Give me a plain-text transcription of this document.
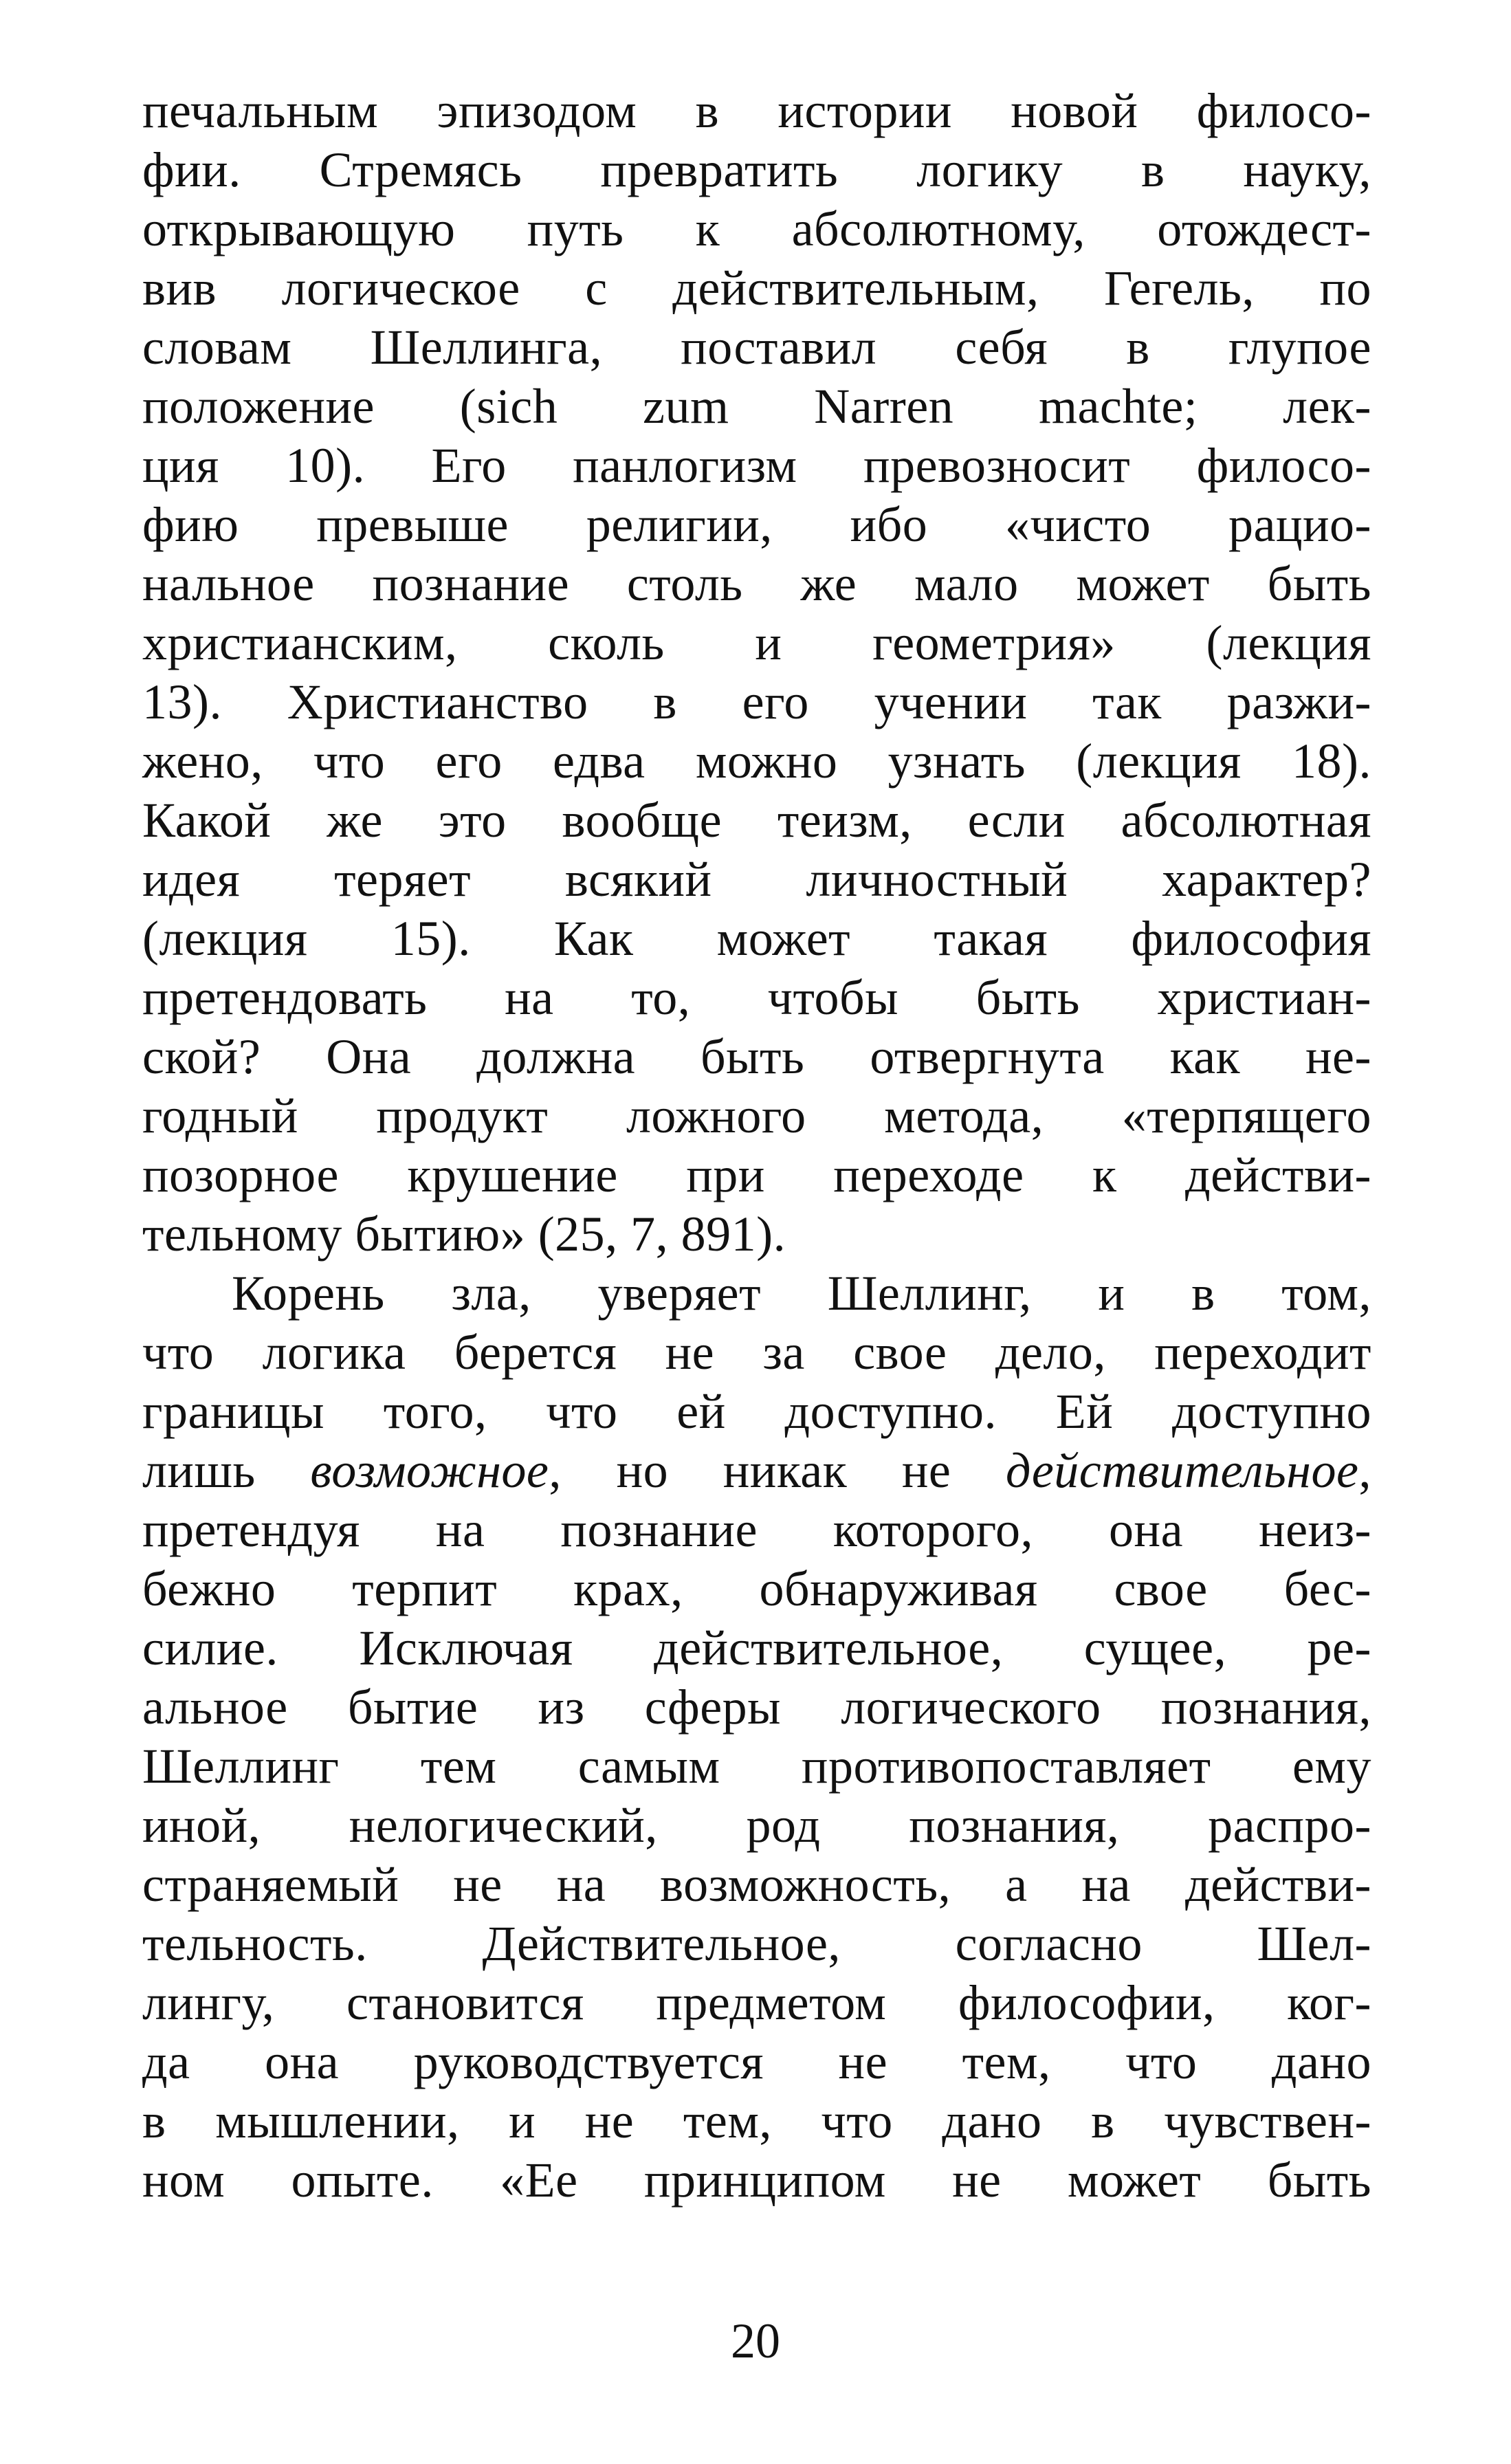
печальным эпизодом в истории новой филосо-
фии. Стремясь превратить логику в науку,
открывающую путь к абсолютному, отождест-
вив логическое с действительным, Гегель, по
словам Шеллинга, поставил себя в глупое
положение (sich zum Narren machte; лек-
ция 10). Его панлогизм превозносит филосо-
фию превыше религии, ибо «чисто рацио-
нальное познание столь же мало может быть
христианским, сколь и геометрия» (лекция
13). Христианство в его учении так разжи-
жено, что его едва можно узнать (лекция 18).
Какой же это вообще теизм, если абсолютная
идея теряет всякий личностный характер?
(лекция 15). Как может такая философия
претендовать на то, чтобы быть христиан-
ской? Она должна быть отвергнута как не-
годный продукт ложного метода, «терпящего
позорное крушение при переходе к действи-
тельному бытию» (25, 7, 891).
Корень зла, уверяет Шеллинг, и в том,
что логика берется не за свое дело, переходит
границы того, что ей доступно. Ей доступно
лишь возможное, но никак не действительное,
претендуя на познание которого, она неиз-
бежно терпит крах, обнаруживая свое бес-
силие. Исключая действительное, сущее, ре-
альное бытие из сферы логического познания,
Шеллинг тем самым противопоставляет ему
иной, нелогический, род познания, распро-
страняемый не на возможность, а на действи-
тельность. Действительное, согласно Шел-
лингу, становится предметом философии, ког-
да она руководствуется не тем, что дано
в мышлении, и не тем, что дано в чувствен-
ном опыте. «Ее принципом не может быть
20
